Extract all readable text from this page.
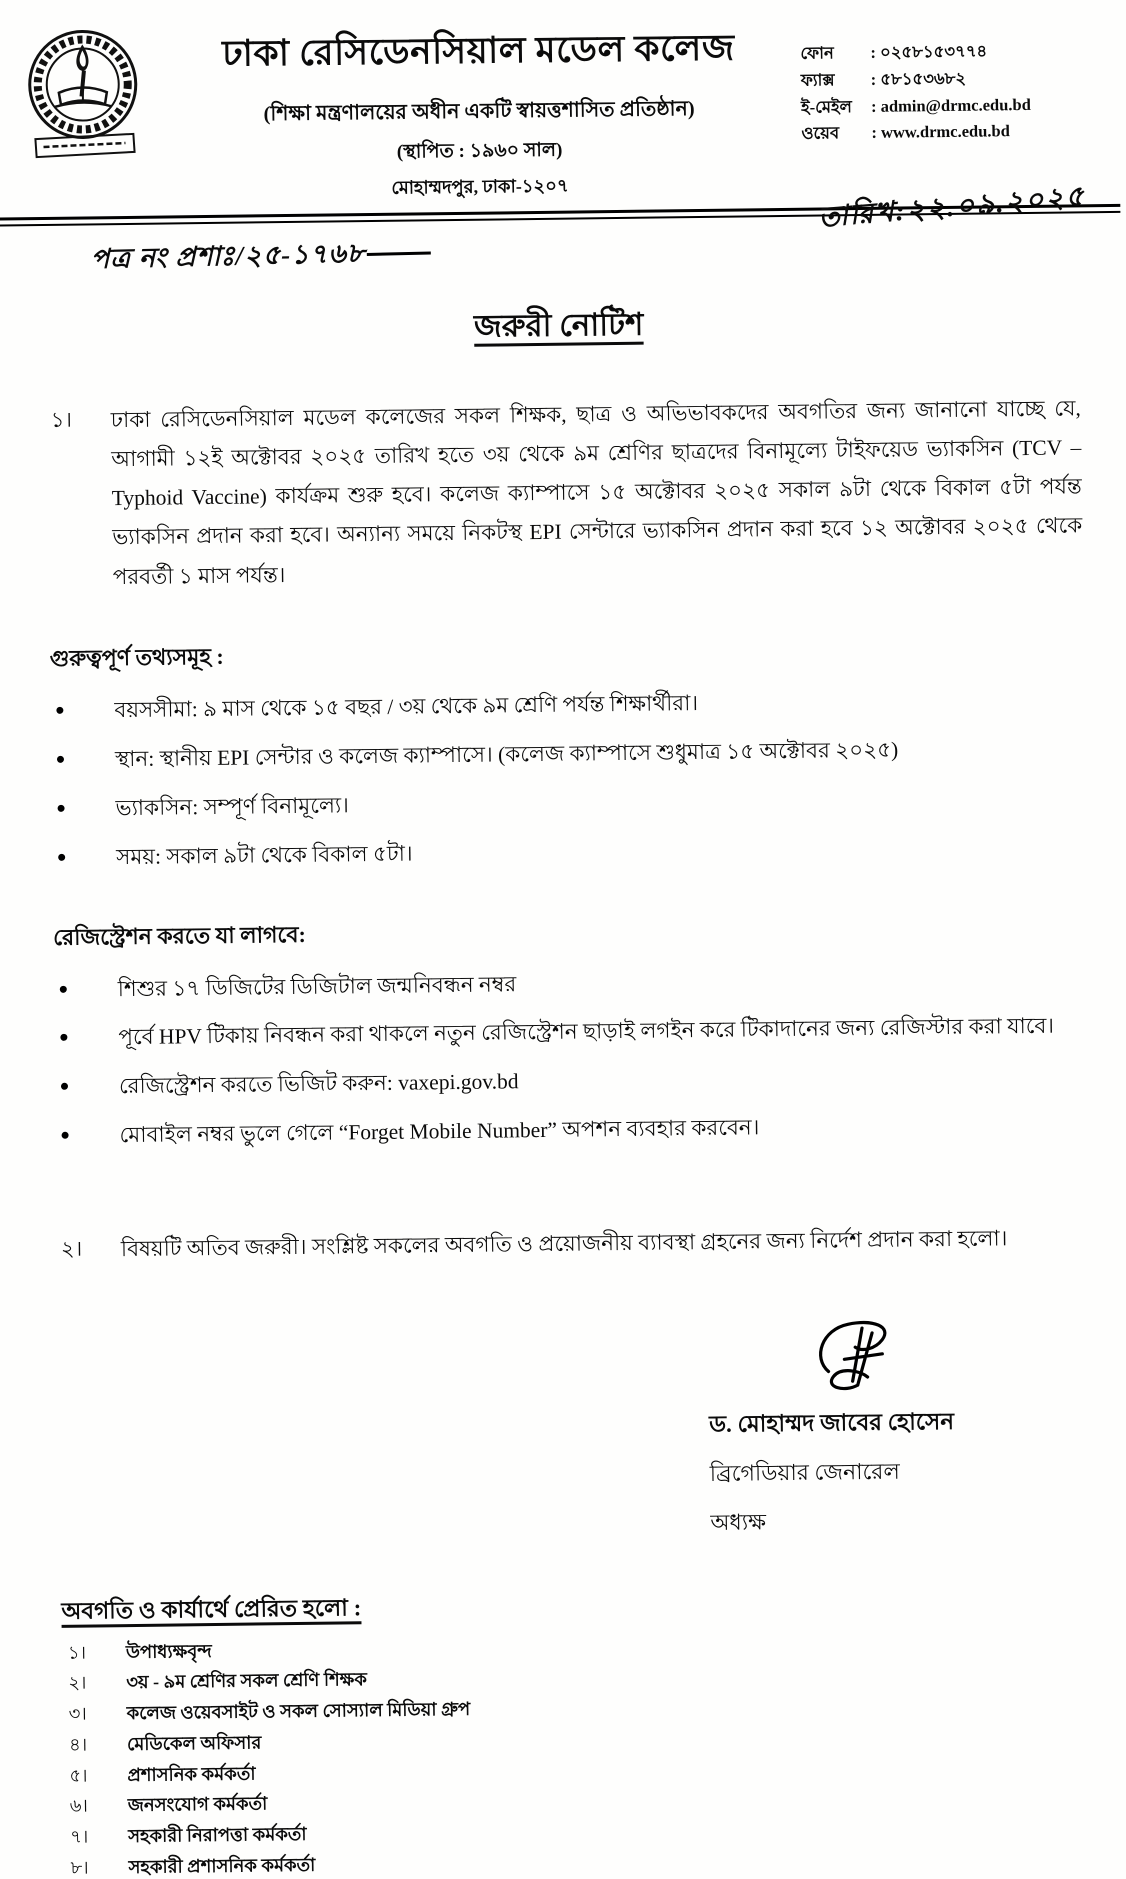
ঢাকা রেসিডেনসিয়াল মডেল কলেজ
(শিক্ষা মন্ত্রণালয়ের অধীন একটি স্বায়ত্তশাসিত প্রতিষ্ঠান)
(স্থাপিত : ১৯৬০ সাল)
মোহাম্মদপুর, ঢাকা-১২০৭
ফোন	: ০২৫৮১৫৩৭৭৪
ফ্যাক্স	: ৫৮১৫৩৬৮২
ই-মেইল	: admin@drmc.edu.bd
ওয়েব	: www.drmc.edu.bd
পত্র নং প্রশাঃ/২৫-১৭৬৮
তারিখ:২২.০৯.২০২৫
জরুরী নোটিশ
১।	ঢাকা রেসিডেনসিয়াল মডেল কলেজের সকল শিক্ষক, ছাত্র ও অভিভাবকদের অবগতির জন্য জানানো যাচ্ছে যে, আগামী ১২ই অক্টোবর ২০২৫ তারিখ হতে ৩য় থেকে ৯ম শ্রেণির ছাত্রদের বিনামূল্যে টাইফয়েড ভ্যাকসিন (TCV – Typhoid Vaccine) কার্যক্রম শুরু হবে। কলেজ ক্যাম্পাসে ১৫ অক্টোবর ২০২৫ সকাল ৯টা থেকে বিকাল ৫টা পর্যন্ত ভ্যাকসিন প্রদান করা হবে। অন্যান্য সময়ে নিকটস্থ EPI সেন্টারে ভ্যাকসিন প্রদান করা হবে ১২ অক্টোবর ২০২৫ থেকে পরবর্তী ১ মাস পর্যন্ত।
গুরুত্বপূর্ণ তথ্যসমূহ :
বয়সসীমা: ৯ মাস থেকে ১৫ বছর / ৩য় থেকে ৯ম শ্রেণি পর্যন্ত শিক্ষার্থীরা।
স্থান: স্থানীয় EPI সেন্টার ও কলেজ ক্যাম্পাসে। (কলেজ ক্যাম্পাসে শুধুমাত্র ১৫ অক্টোবর ২০২৫)
ভ্যাকসিন: সম্পূর্ণ বিনামূল্যে।
সময়: সকাল ৯টা থেকে বিকাল ৫টা।
রেজিস্ট্রেশন করতে যা লাগবে:
শিশুর ১৭ ডিজিটের ডিজিটাল জন্মনিবন্ধন নম্বর
পূর্বে HPV টিকায় নিবন্ধন করা থাকলে নতুন রেজিস্ট্রেশন ছাড়াই লগইন করে টিকাদানের জন্য রেজিস্টার করা যাবে।
রেজিস্ট্রেশন করতে ভিজিট করুন: vaxepi.gov.bd
মোবাইল নম্বর ভুলে গেলে “Forget Mobile Number” অপশন ব্যবহার করবেন।
২।	বিষয়টি অতিব জরুরী। সংশ্লিষ্ট সকলের অবগতি ও প্রয়োজনীয় ব্যাবস্থা গ্রহনের জন্য নির্দেশ প্রদান করা হলো।
ড. মোহাম্মদ জাবের হোসেন
ব্রিগেডিয়ার জেনারেল
অধ্যক্ষ
অবগতি ও কার্যার্থে প্রেরিত হলো :
১।	উপাধ্যক্ষবৃন্দ
২।	৩য় - ৯ম শ্রেণির সকল শ্রেণি শিক্ষক
৩।	কলেজ ওয়েবসাইট ও সকল সোস্যাল মিডিয়া গ্রুপ
৪।	মেডিকেল অফিসার
৫।	প্রশাসনিক কর্মকর্তা
৬।	জনসংযোগ কর্মকর্তা
৭।	সহকারী নিরাপত্তা কর্মকর্তা
৮।	সহকারী প্রশাসনিক কর্মকর্তা
